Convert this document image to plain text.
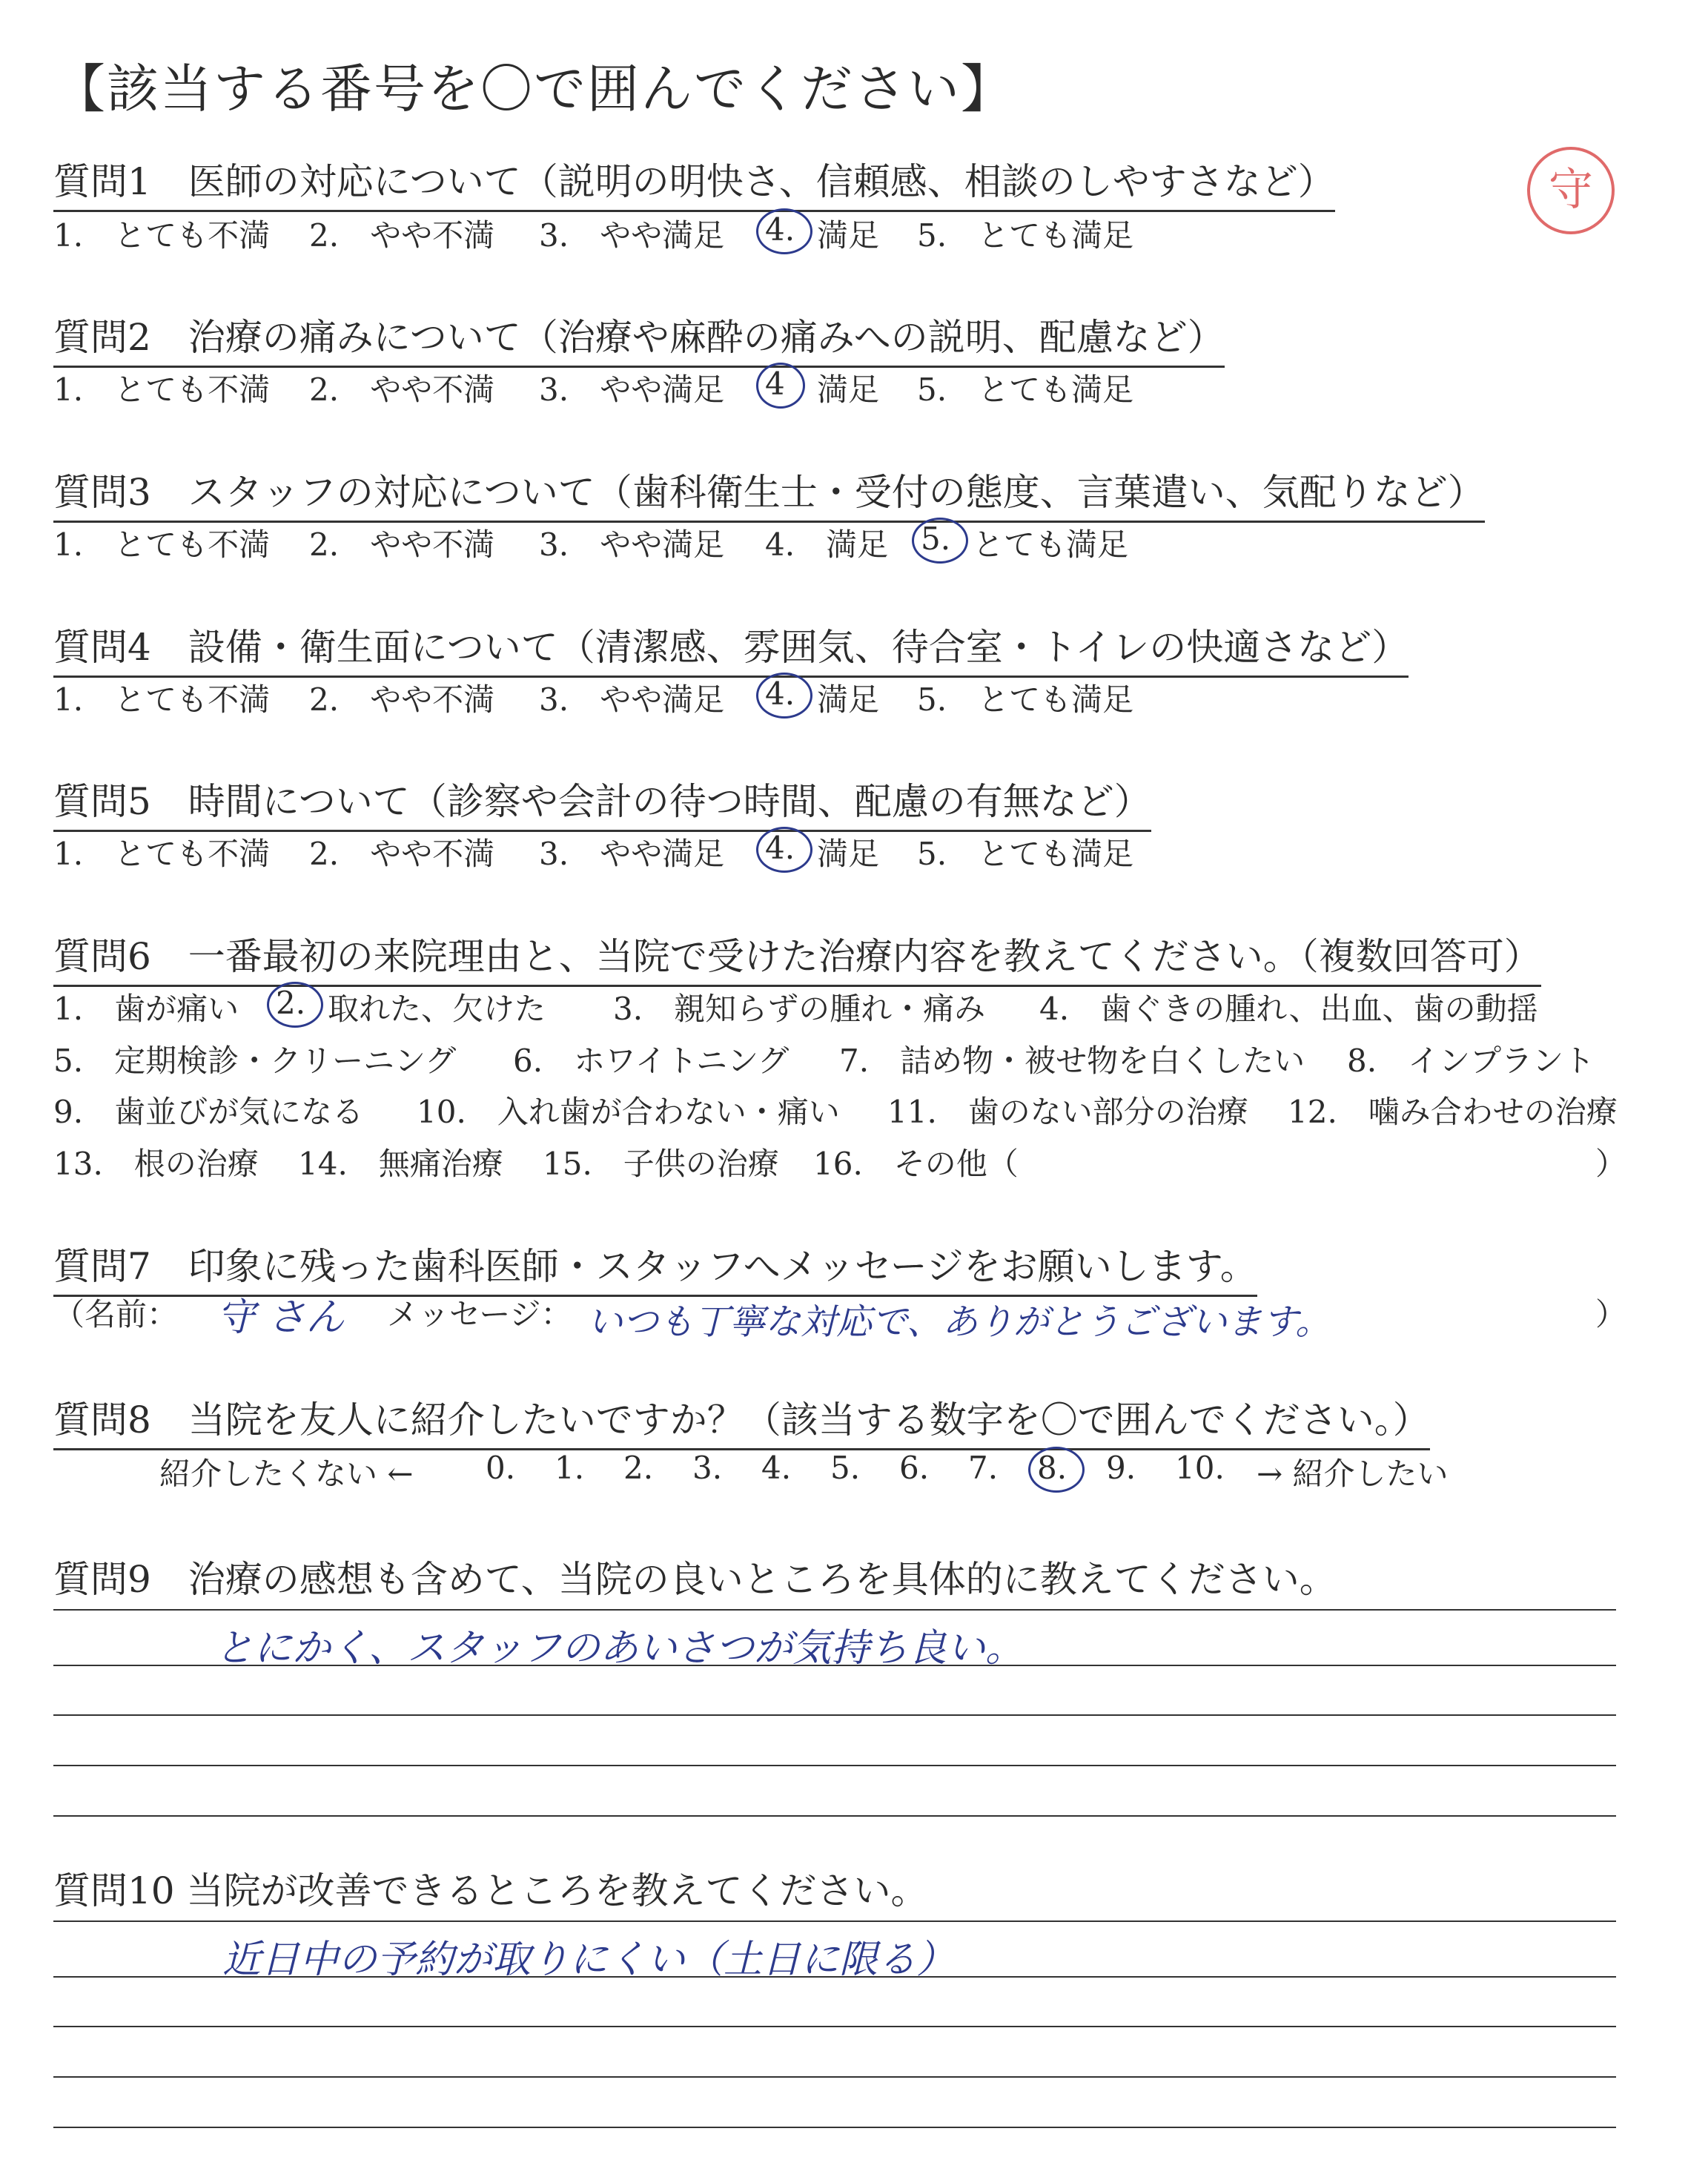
【該当する番号を〇で囲んでください】
守
質問1　医師の対応について（説明の明快さ、信頼感、相談のしやすさなど）
1.　とても不満 2.　やや不満 3.　やや満足 4. 満足 5.　とても満足
質問2　治療の痛みについて（治療や麻酔の痛みへの説明、配慮など）
1.　とても不満 2.　やや不満 3.　やや満足 4 満足 5.　とても満足
質問3　スタッフの対応について（歯科衛生士・受付の態度、言葉遣い、気配りなど）
1.　とても不満 2.　やや不満 3.　やや満足 4.　満足 5. とても満足
質問4　設備・衛生面について（清潔感、雰囲気、待合室・トイレの快適さなど）
1.　とても不満 2.　やや不満 3.　やや満足 4. 満足 5.　とても満足
質問5　時間について（診察や会計の待つ時間、配慮の有無など）
1.　とても不満 2.　やや不満 3.　やや満足 4. 満足 5.　とても満足
質問6　一番最初の来院理由と、当院で受けた治療内容を教えてください。（複数回答可）
1.　歯が痛い 2. 取れた、欠けた 3.　親知らずの腫れ・痛み 4.　歯ぐきの腫れ、出血、歯の動揺
5.　定期検診・クリーニング 6.　ホワイトニング 7.　詰め物・被せ物を白くしたい 8.　インプラント
9.　歯並びが気になる 10.　入れ歯が合わない・痛い 11.　歯のない部分の治療 12.　噛み合わせの治療
13.　根の治療 14.　無痛治療 15.　子供の治療 16.　その他（	）
質問7　印象に残った歯科医師・スタッフへメッセージをお願いします。
（名前： 守 さん メッセージ： いつも丁寧な対応で、ありがとうございます。	）
質問8　当院を友人に紹介したいですか？（該当する数字を〇で囲んでください。）
紹介したくない ← 0. 1. 2. 3. 4. 5. 6. 7. 8. 9. 10. → 紹介したい
質問9　治療の感想も含めて、当院の良いところを具体的に教えてください。
とにかく、スタッフのあいさつが気持ち良い。
質問10 当院が改善できるところを教えてください。
近日中の予約が取りにくい（土日に限る）
